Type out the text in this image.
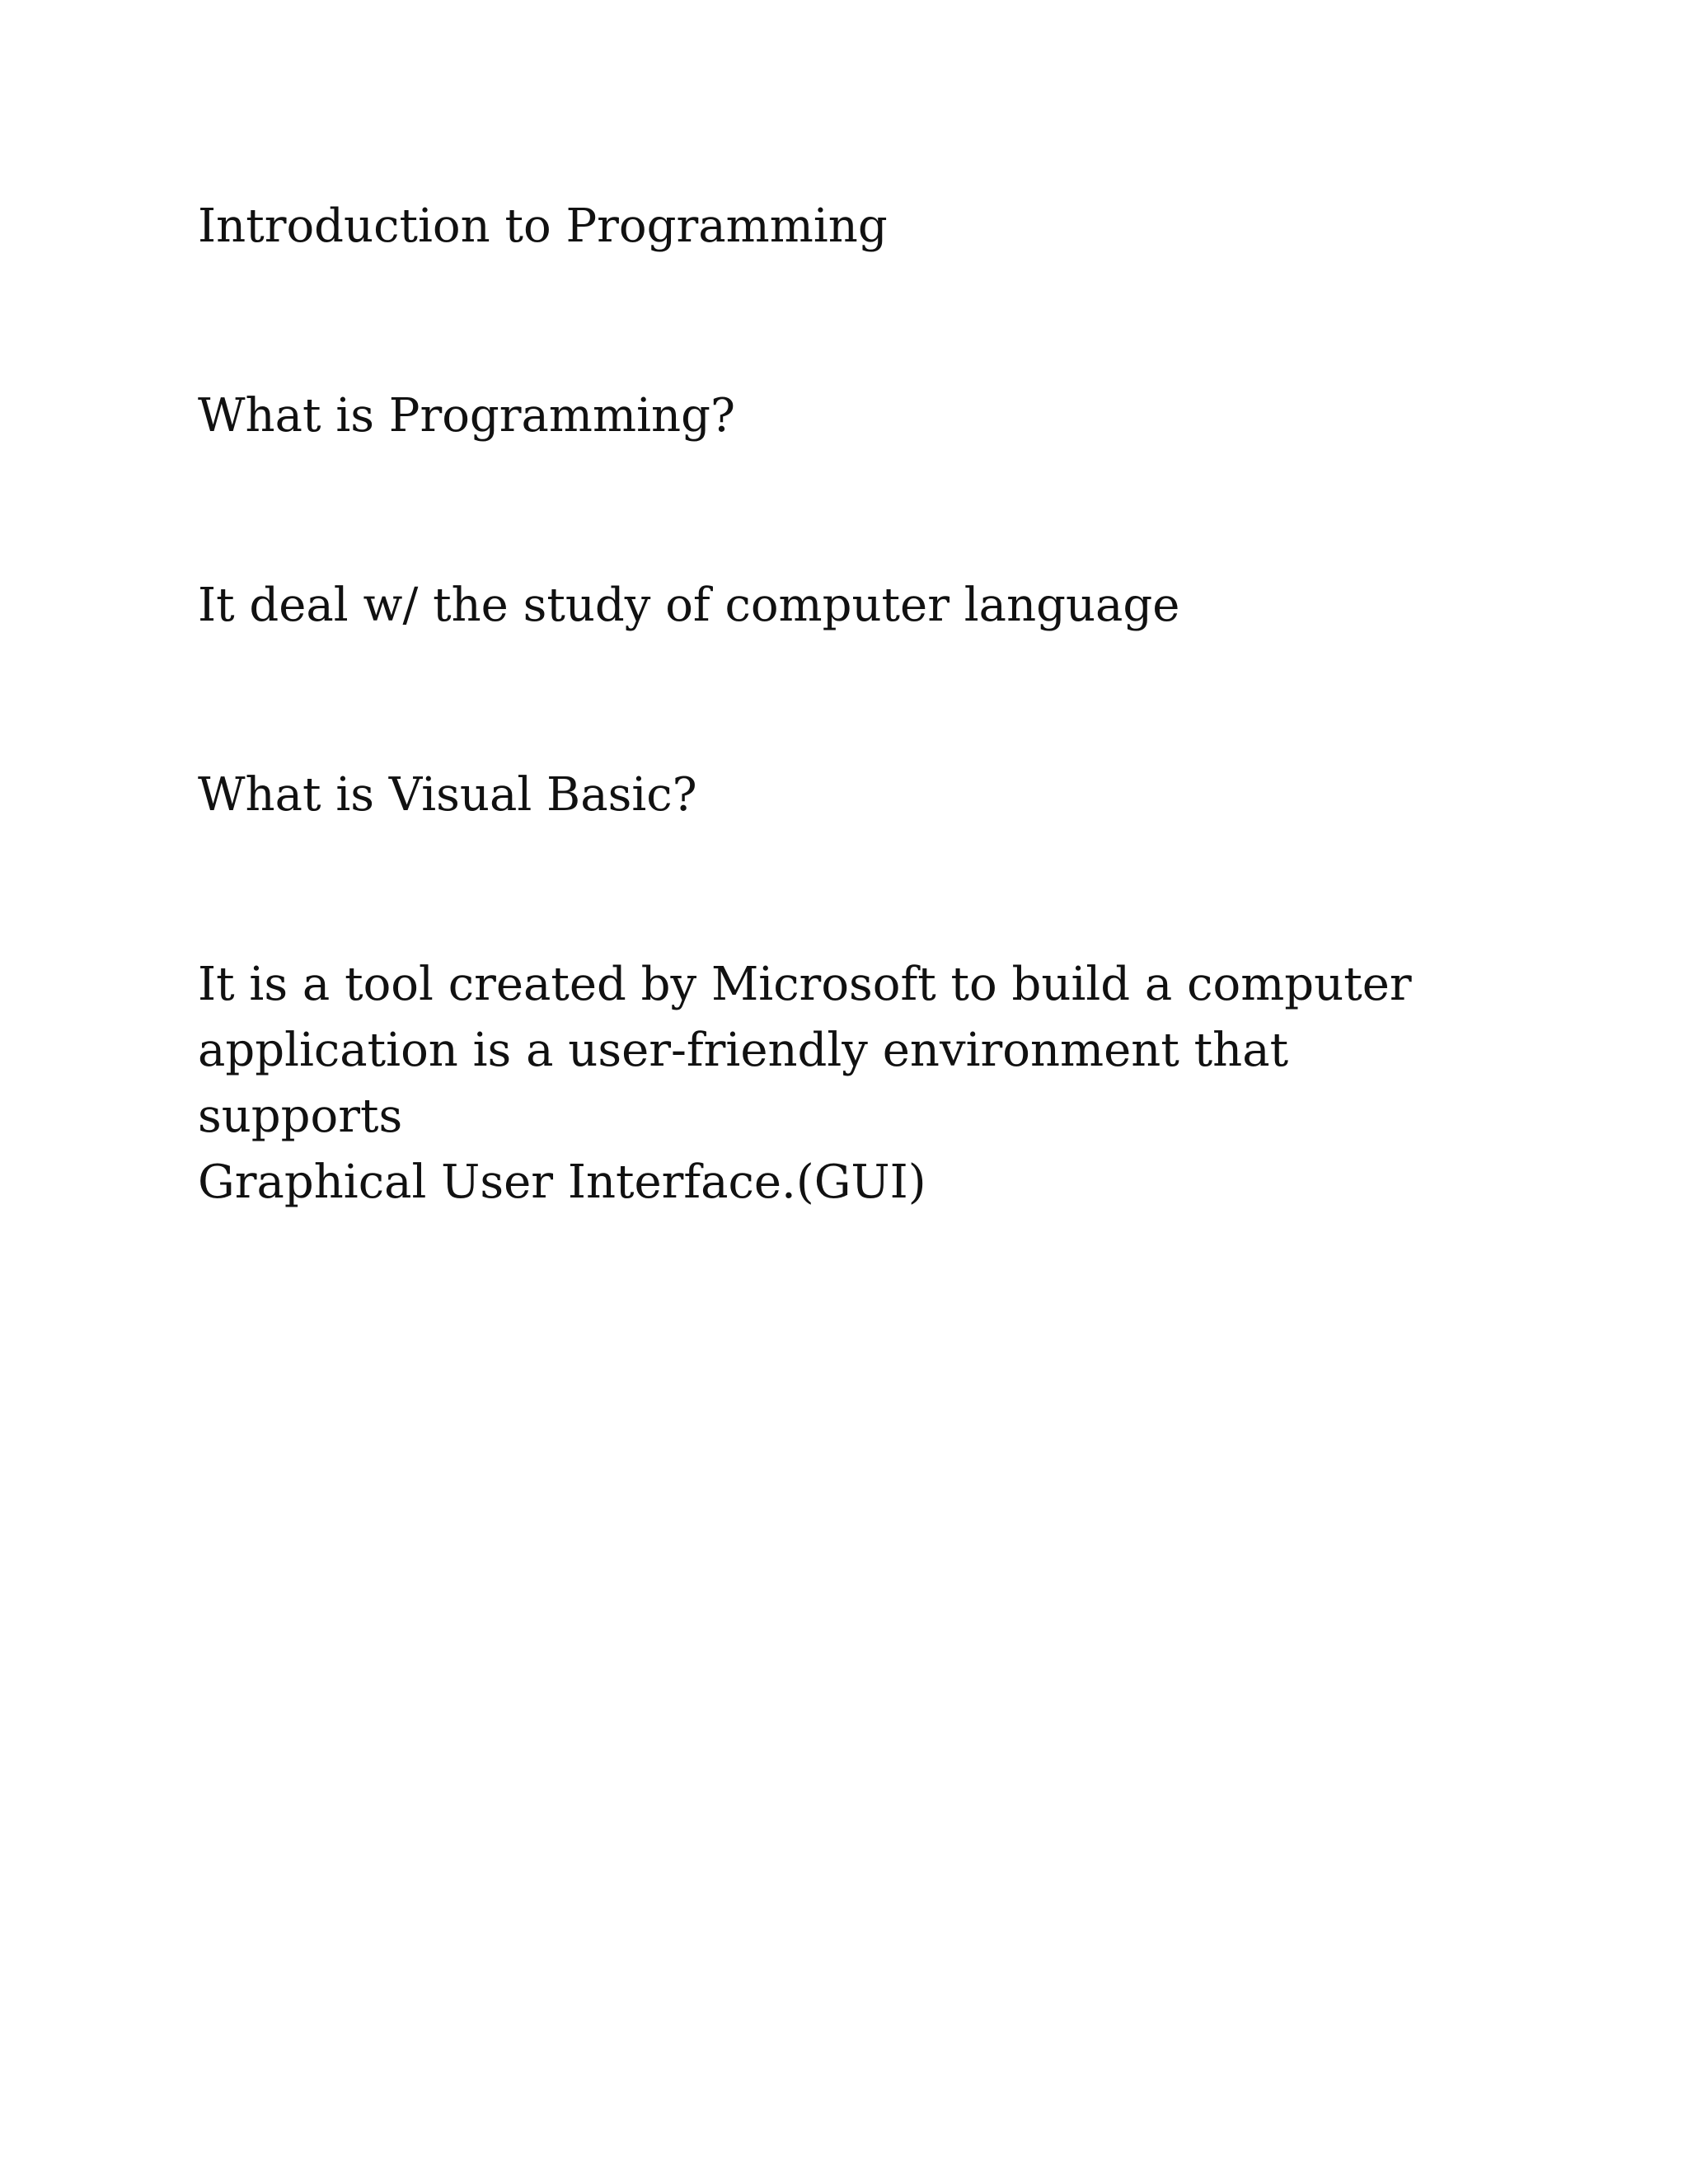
Introduction to Programming

What is Programming?

It deal w/ the study of computer language

What is Visual Basic?

It is a tool created by Microsoft to build a computer
application is a user-friendly environment that supports
Graphical User Interface.(GUI)
